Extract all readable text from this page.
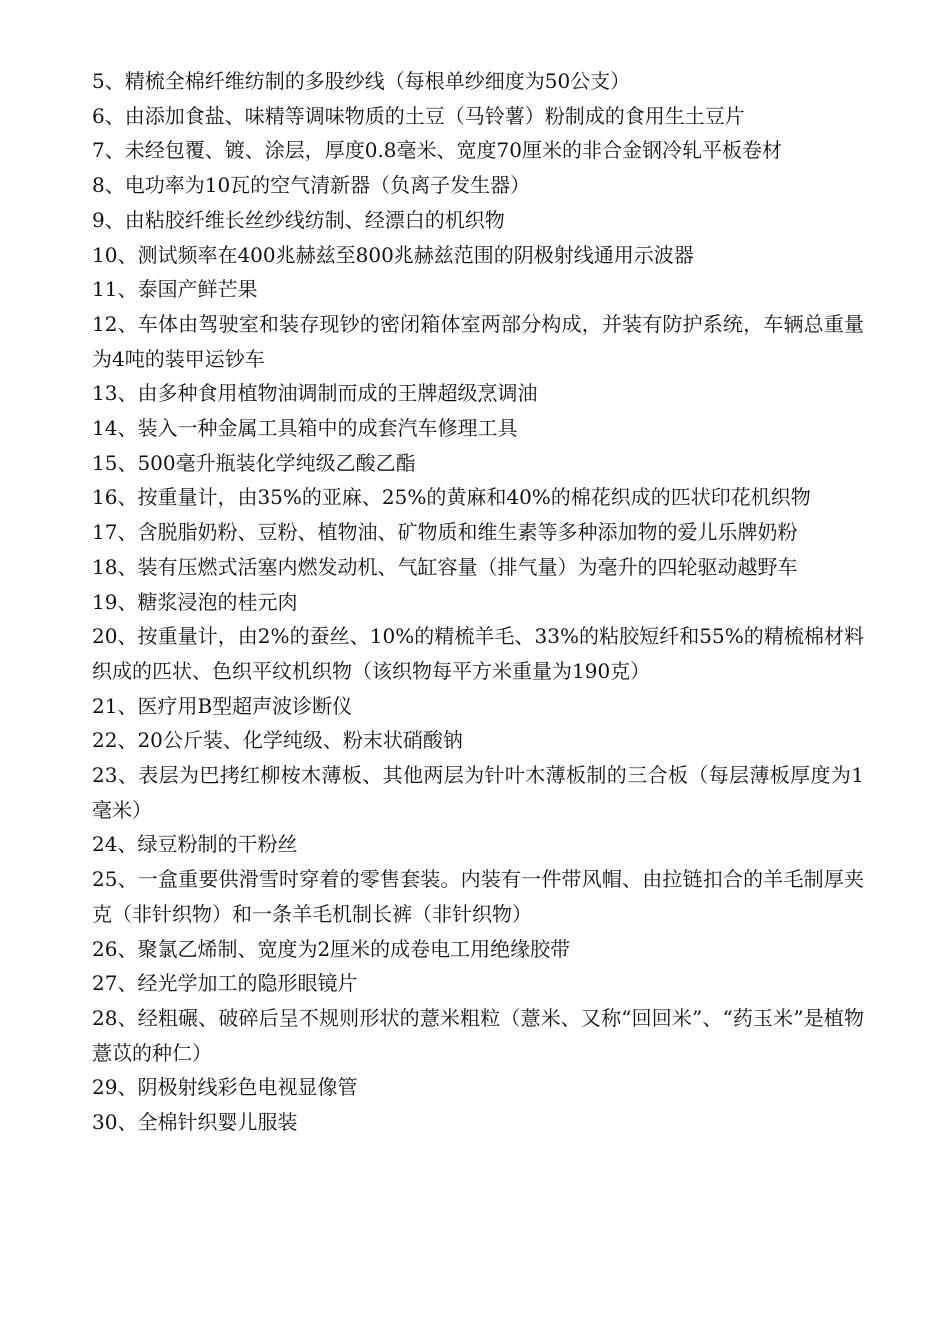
5、精梳全棉纤维纺制的多股纱线（每根单纱细度为50公支）

6、由添加食盐、味精等调味物质的土豆（马铃薯）粉制成的食用生土豆片

7、未经包覆、镀、涂层，厚度0.8毫米、宽度70厘米的非合金钢冷轧平板卷材

8、电功率为10瓦的空气清新器（负离子发生器）

9、由粘胶纤维长丝纱线纺制、经漂白的机织物

10、测试频率在400兆赫兹至800兆赫兹范围的阴极射线通用示波器

11、泰国产鲜芒果

12、车体由驾驶室和装存现钞的密闭箱体室两部分构成，并装有防护系统，车辆总重量为4吨的装甲运钞车

13、由多种食用植物油调制而成的王牌超级烹调油

14、装入一种金属工具箱中的成套汽车修理工具

15、500毫升瓶装化学纯级乙酸乙酯

16、按重量计，由35%的亚麻、25%的黄麻和40%的棉花织成的匹状印花机织物

17、含脱脂奶粉、豆粉、植物油、矿物质和维生素等多种添加物的爱儿乐牌奶粉

18、装有压燃式活塞内燃发动机、气缸容量（排气量）为毫升的四轮驱动越野车

19、糖浆浸泡的桂元肉

20、按重量计，由2%的蚕丝、10%的精梳羊毛、33%的粘胶短纤和55%的精梳棉材料织成的匹状、色织平纹机织物（该织物每平方米重量为190克）

21、医疗用B型超声波诊断仪

22、20公斤装、化学纯级、粉末状硝酸钠

23、表层为巴拷红柳桉木薄板、其他两层为针叶木薄板制的三合板（每层薄板厚度为1毫米）

24、绿豆粉制的干粉丝

25、一盒重要供滑雪时穿着的零售套装。内装有一件带风帽、由拉链扣合的羊毛制厚夹克（非针织物）和一条羊毛机制长裤（非针织物）

26、聚氯乙烯制、宽度为2厘米的成卷电工用绝缘胶带

27、经光学加工的隐形眼镜片

28、经粗碾、破碎后呈不规则形状的薏米粗粒（薏米、又称“回回米”、“药玉米”是植物薏苡的种仁）

29、阴极射线彩色电视显像管

30、全棉针织婴儿服装
